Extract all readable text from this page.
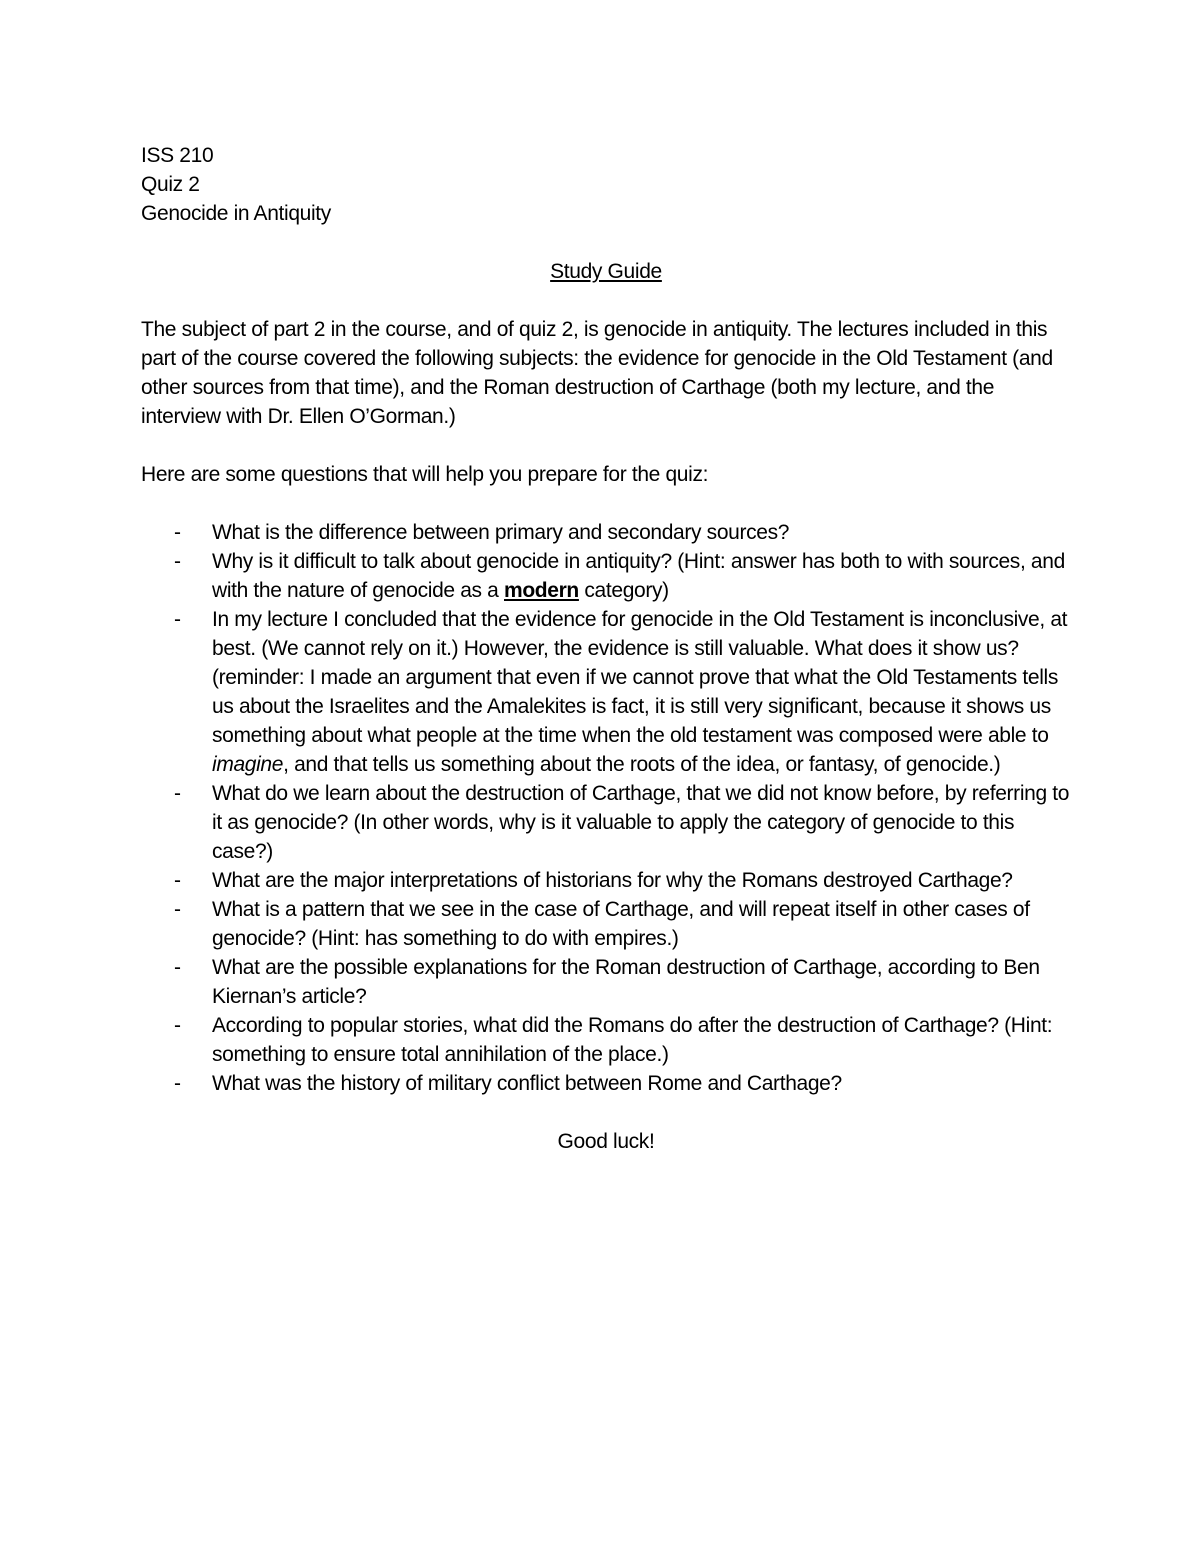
ISS 210
Quiz 2
Genocide in Antiquity
Study Guide

The subject of part 2 in the course, and of quiz 2, is genocide in antiquity. The lectures included in this part of the course covered the following subjects: the evidence for genocide in the Old Testament (and other sources from that time), and the Roman destruction of Carthage (both my lecture, and the interview with Dr. Ellen O’Gorman.)

Here are some questions that will help you prepare for the quiz:

- What is the difference between primary and secondary sources?
- Why is it difficult to talk about genocide in antiquity? (Hint: answer has both to with sources, and with the nature of genocide as a modern category)
- In my lecture I concluded that the evidence for genocide in the Old Testament is inconclusive, at best. (We cannot rely on it.) However, the evidence is still valuable. What does it show us? (reminder: I made an argument that even if we cannot prove that what the Old Testaments tells us about the Israelites and the Amalekites is fact, it is still very significant, because it shows us something about what people at the time when the old testament was composed were able to imagine, and that tells us something about the roots of the idea, or fantasy, of genocide.)
- What do we learn about the destruction of Carthage, that we did not know before, by referring to it as genocide? (In other words, why is it valuable to apply the category of genocide to this case?)
- What are the major interpretations of historians for why the Romans destroyed Carthage?
- What is a pattern that we see in the case of Carthage, and will repeat itself in other cases of genocide? (Hint: has something to do with empires.)
- What are the possible explanations for the Roman destruction of Carthage, according to Ben Kiernan’s article?
- According to popular stories, what did the Romans do after the destruction of Carthage? (Hint: something to ensure total annihilation of the place.)
- What was the history of military conflict between Rome and Carthage?
Good luck!
